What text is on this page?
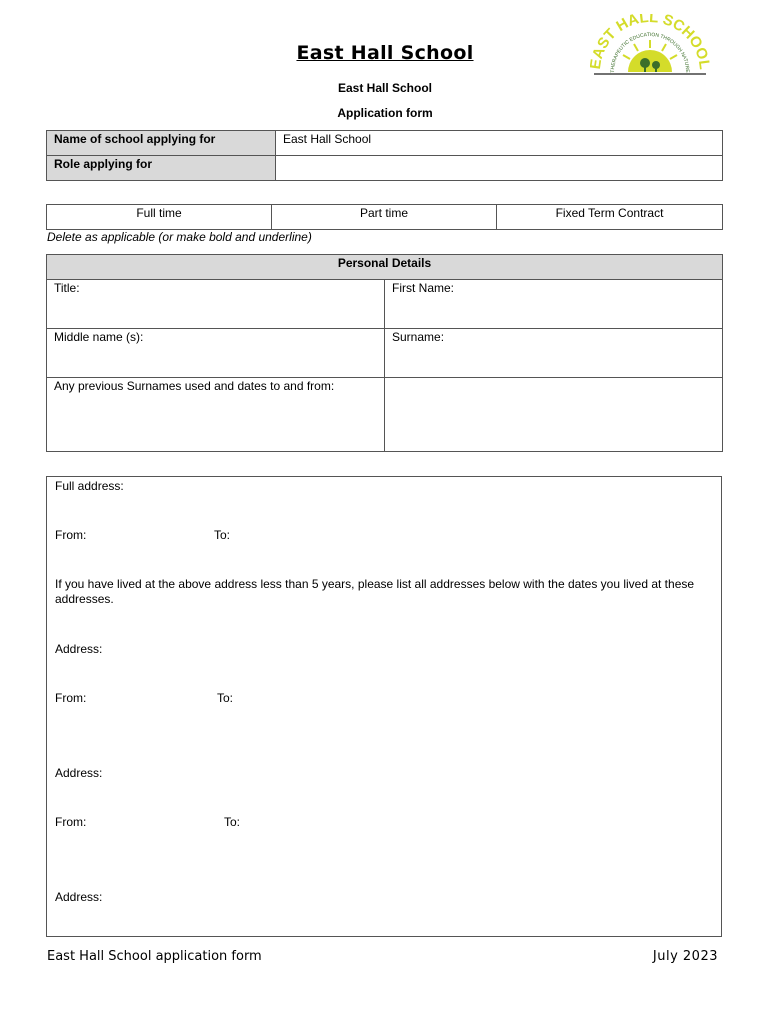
AST HALL SCHOO
THERAPEUTIC EDUCATION THROUGH NATURE
East Hall School
East Hall School
Application form
Name of school applying for	East Hall School
Role applying for	
Full time	Part time	Fixed Term Contract
Delete as applicable (or make bold and underline)
Personal Details	
Title:	First Name:
Middle name (s):	Surname:
Any previous Surnames used and dates to and from:	
Full address:
From:	To:
If you have lived at the above address less than 5 years, please list all addresses below with the dates you lived at these addresses.
Address:
From:	To:
Address:
From:	To:
Address:
East Hall School application form	July 2023
